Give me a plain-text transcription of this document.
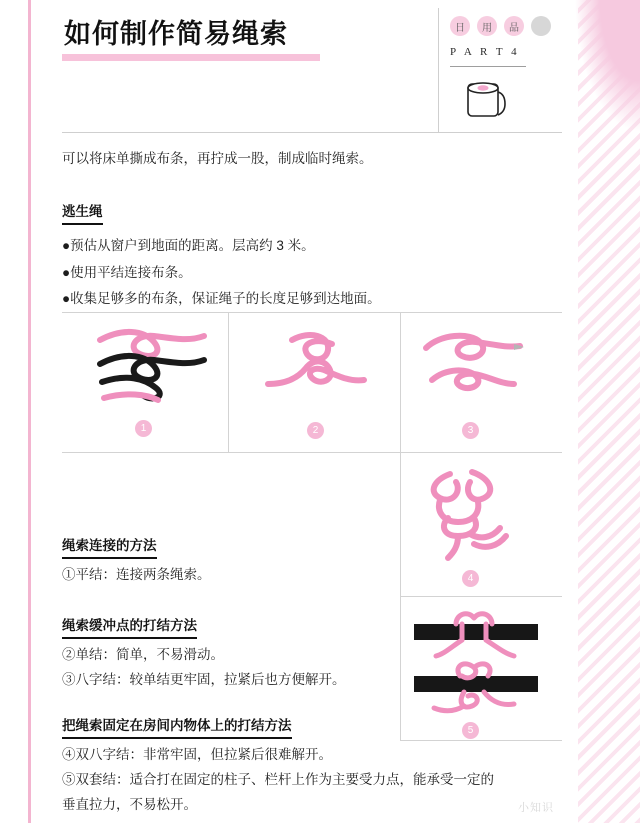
如何制作简易绳索	日	用	品
P A R T 4
可以将床单撕成布条，再拧成一股，制成临时绳索。
逃生绳
●预估从窗户到地面的距离。层高约 3 米。
●使用平结连接布条。
●收集足够多的布条，保证绳子的长度足够到达地面。
1	2	3
4
5
绳索连接的方法
①平结：连接两条绳索。
绳索缓冲点的打结方法
②单结：简单，不易滑动。
③八字结：较单结更牢固，拉紧后也方便解开。
把绳索固定在房间内物体上的打结方法
④双八字结：非常牢固，但拉紧后很难解开。
⑤双套结：适合打在固定的柱子、栏杆上作为主要受力点，能承受一定的
垂直拉力，不易松开。	小知识
